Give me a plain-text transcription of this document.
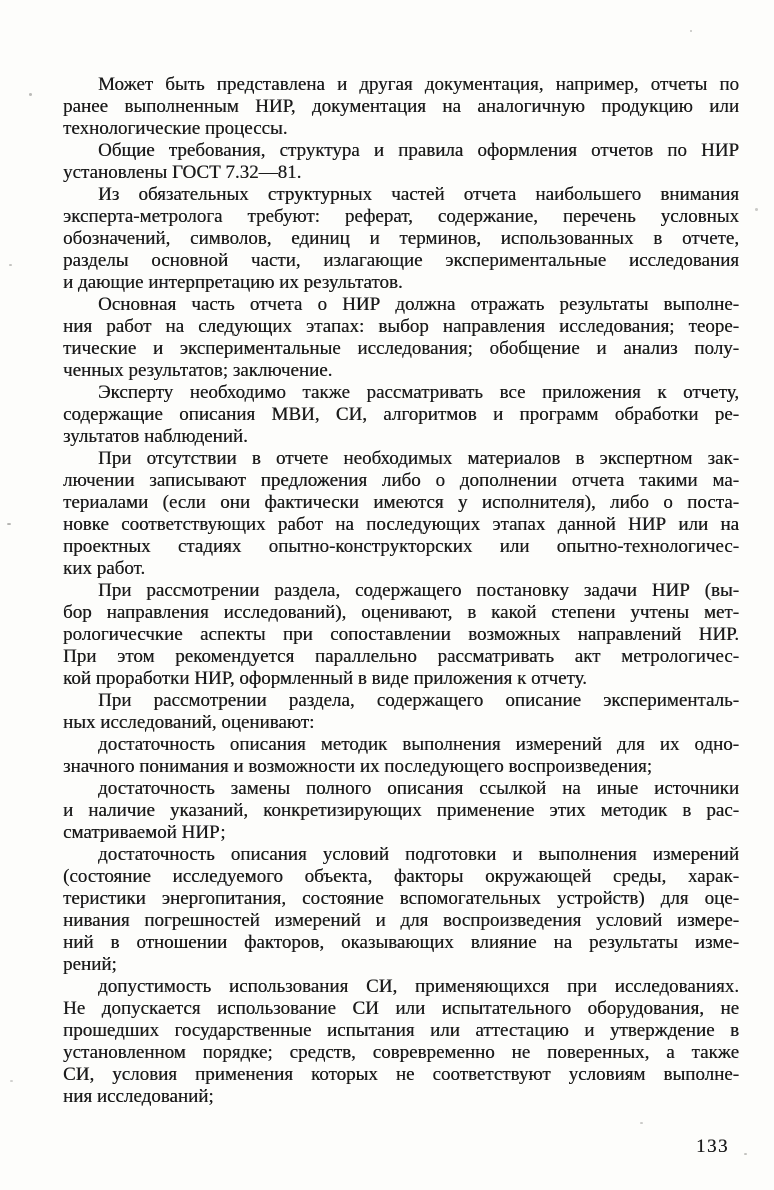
Может быть представлена и другая документация, например, отчеты по
ранее выполненным НИР, документация на аналогичную продукцию или
технологические процессы.

Общие требования, структура и правила оформления отчетов по НИР
установлены ГОСТ 7.32—81.

Из обязательных структурных частей отчета наибольшего внимания
эксперта-метролога требуют: реферат, содержание, перечень условных
обозначений, символов, единиц и терминов, использованных в отчете,
разделы основной части, излагающие экспериментальные исследования
и дающие интерпретацию их результатов.

Основная часть отчета о НИР должна отражать результаты выполне-
ния работ на следующих этапах: выбор направления исследования; теоре-
тические и экспериментальные исследования; обобщение и анализ полу-
ченных результатов; заключение.

Эксперту необходимо также рассматривать все приложения к отчету,
содержащие описания МВИ, СИ, алгоритмов и программ обработки ре-
зультатов наблюдений.

При отсутствии в отчете необходимых материалов в экспертном зак-
лючении записывают предложения либо о дополнении отчета такими ма-
териалами (если они фактически имеются у исполнителя), либо о поста-
новке соответствующих работ на последующих этапах данной НИР или на
проектных стадиях опытно-конструкторских или опытно-технологичес-
ких работ.

При рассмотрении раздела, содержащего постановку задачи НИР (вы-
бор направления исследований), оценивают, в какой степени учтены мет-
рологичесчкие аспекты при сопоставлении возможных направлений НИР.
При этом рекомендуется параллельно рассматривать акт метрологичес-
кой проработки НИР, оформленный в виде приложения к отчету.

При рассмотрении раздела, содержащего описание эксперименталь-
ных исследований, оценивают:

достаточность описания методик выполнения измерений для их одно-
значного понимания и возможности их последующего воспроизведения;

достаточность замены полного описания ссылкой на иные источники
и наличие указаний, конкретизирующих применение этих методик в рас-
сматриваемой НИР;

достаточность описания условий подготовки и выполнения измерений
(состояние исследуемого объекта, факторы окружающей среды, харак-
теристики энергопитания, состояние вспомогательных устройств) для оце-
нивания погрешностей измерений и для воспроизведения условий измере-
ний в отношении факторов, оказывающих влияние на результаты изме-
рений;

допустимость использования СИ, применяющихся при исследованиях.
Не допускается использование СИ или испытательного оборудования, не
прошедших государственные испытания или аттестацию и утверждение в
установленном порядке; средств, совревременно не поверенных, а также
СИ, условия применения которых не соответствуют условиям выполне-
ния исследований;

133
